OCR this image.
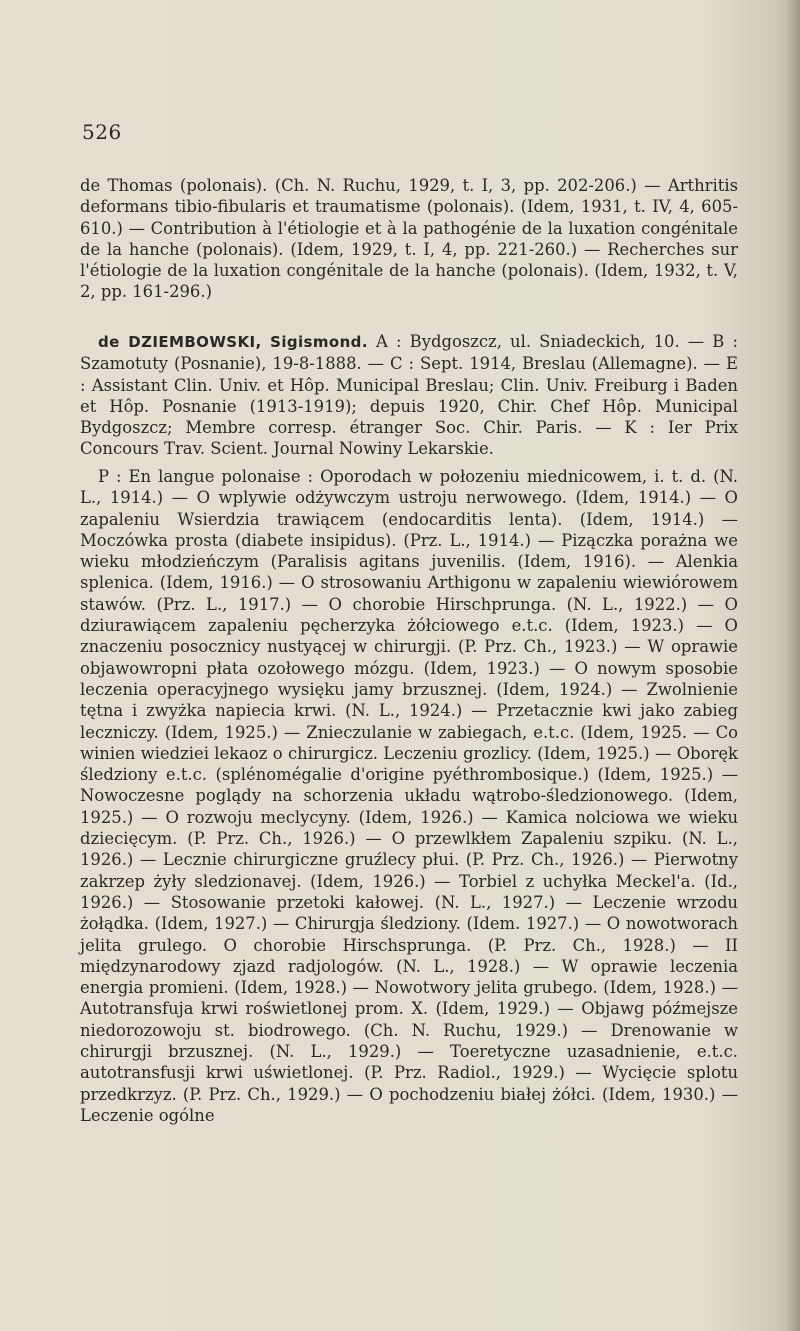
526

de Thomas (polonais). (Ch. N. Ruchu, 1929, t. I, 3, pp. 202-206.) — Arthritis deformans tibio-fibularis et traumatisme (polonais). (Idem, 1931, t. IV, 4, 605-610.) — Contribution à l'étiologie et à la pathogénie de la luxation congénitale de la hanche (polonais). (Idem, 1929, t. I, 4, pp. 221-260.) — Recherches sur l'étiologie de la luxation congénitale de la hanche (polonais). (Idem, 1932, t. V, 2, pp. 161-296.)

de DZIEMBOWSKI, Sigismond. A : Bydgoszcz, ul. Sniadeckich, 10. — B : Szamotuty (Posnanie), 19-8-1888. — C : Sept. 1914, Breslau (Allemagne). — E : Assistant Clin. Univ. et Hôp. Municipal Breslau; Clin. Univ. Freiburg i Baden et Hôp. Posnanie (1913-1919); depuis 1920, Chir. Chef Hôp. Municipal Bydgoszcz; Membre corresp. étranger Soc. Chir. Paris. — K : Ier Prix Concours Trav. Scient. Journal Nowiny Lekarskie.

P : En langue polonaise : Oporodach w połozeniu miednicowem, i. t. d. (N. L., 1914.) — O wplywie odżywczym ustroju nerwowego. (Idem, 1914.) — O zapaleniu Wsierdzia trawiącem (endocarditis lenta). (Idem, 1914.) — Moczówka prosta (diabete insipidus). (Prz. L., 1914.) — Pizączka porażna we wieku młodzieńczym (Paralisis agitans juvenilis. (Idem, 1916). — Alenkia splenica. (Idem, 1916.) — O strosowaniu Arthigonu w zapaleniu wiewiórowem stawów. (Prz. L., 1917.) — O chorobie Hirschprunga. (N. L., 1922.) — O dziurawiącem zapaleniu pęcherzyka żółciowego e.t.c. (Idem, 1923.) — O znaczeniu posocznicy nustyącej w chirurgji. (P. Prz. Ch., 1923.) — W oprawie objawowropni płata ozołowego mózgu. (Idem, 1923.) — O nowym sposobie leczenia operacyjnego wysięku jamy brzusznej. (Idem, 1924.) — Zwolnienie tętna i zwyżka napiecia krwi. (N. L., 1924.) — Przetacznie kwi jako zabieg leczniczy. (Idem, 1925.) — Znieczulanie w zabiegach, e.t.c. (Idem, 1925. — Co winien wiedziei lekaoz o chirurgicz. Leczeniu grozlicy. (Idem, 1925.) — Oboręk śledziony e.t.c. (splénomégalie d'origine pyéthrombosique.) (Idem, 1925.) — Nowoczesne poglądy na schorzenia układu wątrobo-śledzionowego. (Idem, 1925.) — O rozwoju meclycyny. (Idem, 1926.) — Kamica nolciowa we wieku dziecięcym. (P. Prz. Ch., 1926.) — O przewlkłem Zapaleniu szpiku. (N. L., 1926.) — Lecznie chirurgiczne gruźlecy płui. (P. Prz. Ch., 1926.) — Pierwotny zakrzep żyły sledzionavej. (Idem, 1926.) — Torbiel z uchyłka Meckel'a. (Id., 1926.) — Stosowanie przetoki kałowej. (N. L., 1927.) — Leczenie wrzodu żołądka. (Idem, 1927.) — Chirurgja śledziony. (Idem. 1927.) — O nowotworach jelita grulego. O chorobie Hirschsprunga. (P. Prz. Ch., 1928.) — II międzynarodowy zjazd radjologów. (N. L., 1928.) — W oprawie leczenia energia promieni. (Idem, 1928.) — Nowotwory jelita grubego. (Idem, 1928.) — Autotransfuja krwi roświetlonej prom. X. (Idem, 1929.) — Objawg późmejsze niedorozowoju st. biodrowego. (Ch. N. Ruchu, 1929.) — Drenowanie w chirurgji brzusznej. (N. L., 1929.) — Toeretyczne uzasadnienie, e.t.c. autotransfusji krwi uświetlonej. (P. Prz. Radiol., 1929.) — Wycięcie splotu przedkrzyz. (P. Prz. Ch., 1929.) — O pochodzeniu białej żółci. (Idem, 1930.) — Leczenie ogólne
